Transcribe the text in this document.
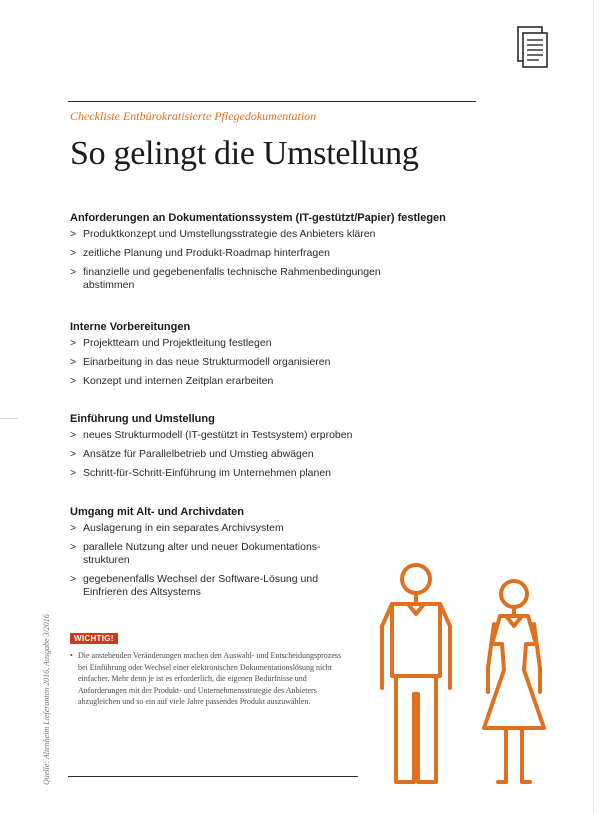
Checkliste Entbürokratisierte Pflegedokumentation
So gelingt die Umstellung
Anforderungen an Dokumentationssystem (IT-gestützt/Papier) festlegen
> Produktkonzept und Umstellungsstrategie des Anbieters klären
> zeitliche Planung und Produkt-Roadmap hinterfragen
> finanzielle und gegebenenfalls technische Rahmenbedingungen abstimmen
Interne Vorbereitungen
> Projektteam und Projektleitung festlegen
> Einarbeitung in das neue Strukturmodell organisieren
> Konzept und internen Zeitplan erarbeiten
Einführung und Umstellung
> neues Strukturmodell (IT-gestützt in Testsystem) erproben
> Ansätze für Parallelbetrieb und Umstieg abwägen
> Schritt-für-Schritt-Einführung im Unternehmen planen
Umgang mit Alt- und Archivdaten
> Auslagerung in ein separates Archivsystem
> parallele Nutzung alter und neuer Dokumentations-strukturen
> gegebenenfalls Wechsel der Software-Lösung und Einfrieren des Altsystems
WICHTIG!
• Die anstehenden Veränderungen machen den Auswahl- und Entscheidungsprozess bei Einführung oder Wechsel einer elektronischen Dokumentationslösung nicht einfacher. Mehr denn je ist es erforderlich, die eigenen Bedürfnisse und Anforderungen mit der Produkt- und Unternehmensstrategie des Anbieters abzugleichen und so ein auf viele Jahre passendes Produkt auszuwählen.
Quelle: Altenheim Lieferanten 2016, Ausgabe 3/2016
